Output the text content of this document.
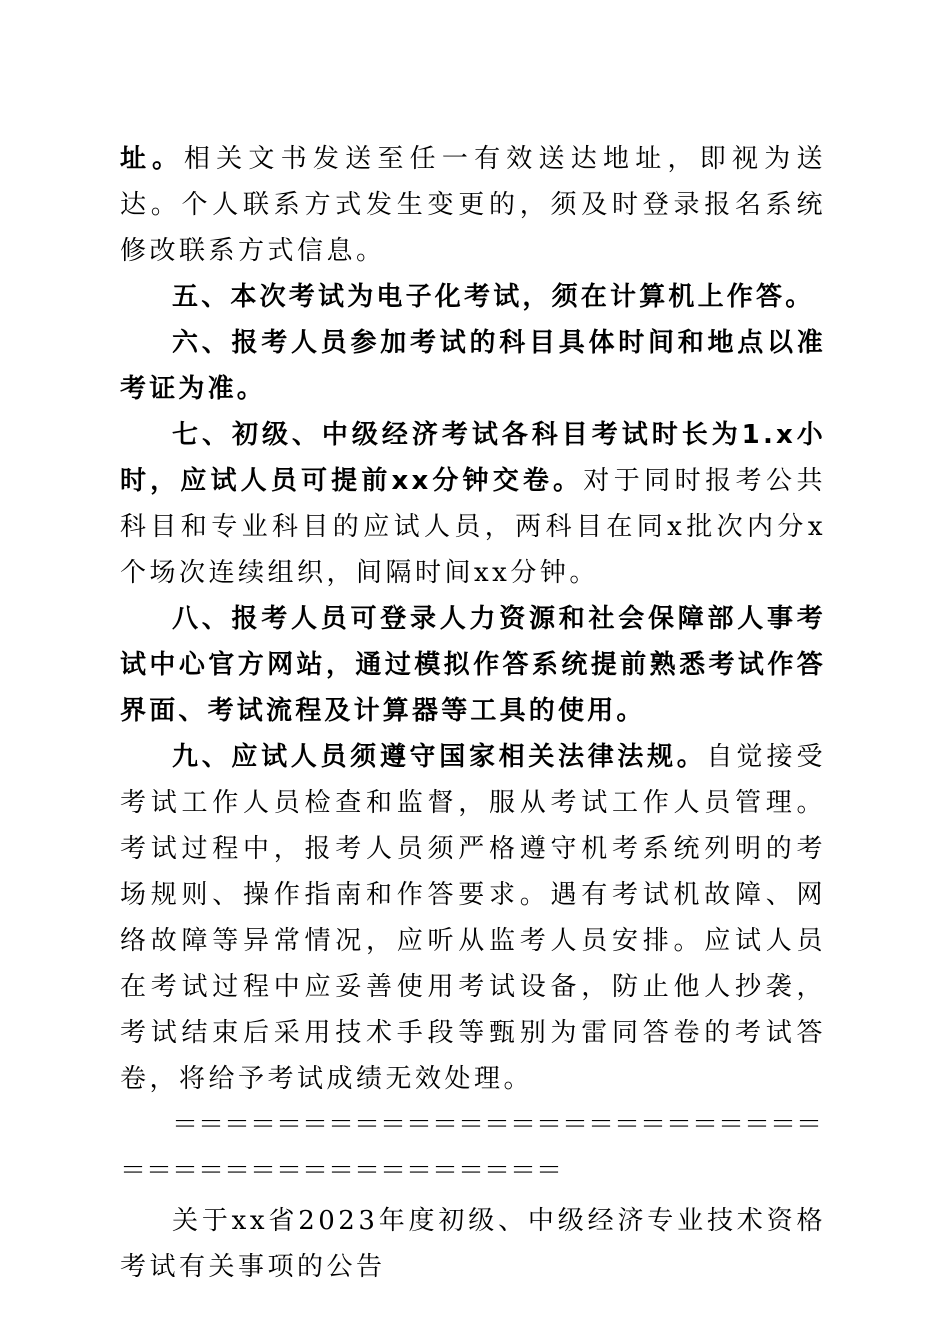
址。相关文书发送至任一有效送达地址，即视为送达。个人联系方式发生变更的，须及时登录报名系统修改联系方式信息。

五、本次考试为电子化考试，须在计算机上作答。

六、报考人员参加考试的科目具体时间和地点以准考证为准。

七、初级、中级经济考试各科目考试时长为1.x小时，应试人员可提前xx分钟交卷。对于同时报考公共科目和专业科目的应试人员，两科目在同x批次内分x个场次连续组织，间隔时间xx分钟。

八、报考人员可登录人力资源和社会保障部人事考试中心官方网站，通过模拟作答系统提前熟悉考试作答界面、考试流程及计算器等工具的使用。

九、应试人员须遵守国家相关法律法规。自觉接受考试工作人员检查和监督，服从考试工作人员管理。考试过程中，报考人员须严格遵守机考系统列明的考场规则、操作指南和作答要求。遇有考试机故障、网络故障等异常情况，应听从监考人员安排。应试人员在考试过程中应妥善使用考试设备，防止他人抄袭，考试结束后采用技术手段等甄别为雷同答卷的考试答卷，将给予考试成绩无效处理。

＝＝＝＝＝＝＝＝＝＝＝＝＝＝＝＝＝＝＝＝＝＝＝＝＝＝＝＝＝＝＝＝＝＝＝＝＝＝＝＝＝＝

关于xx省2023年度初级、中级经济专业技术资格考试有关事项的公告
